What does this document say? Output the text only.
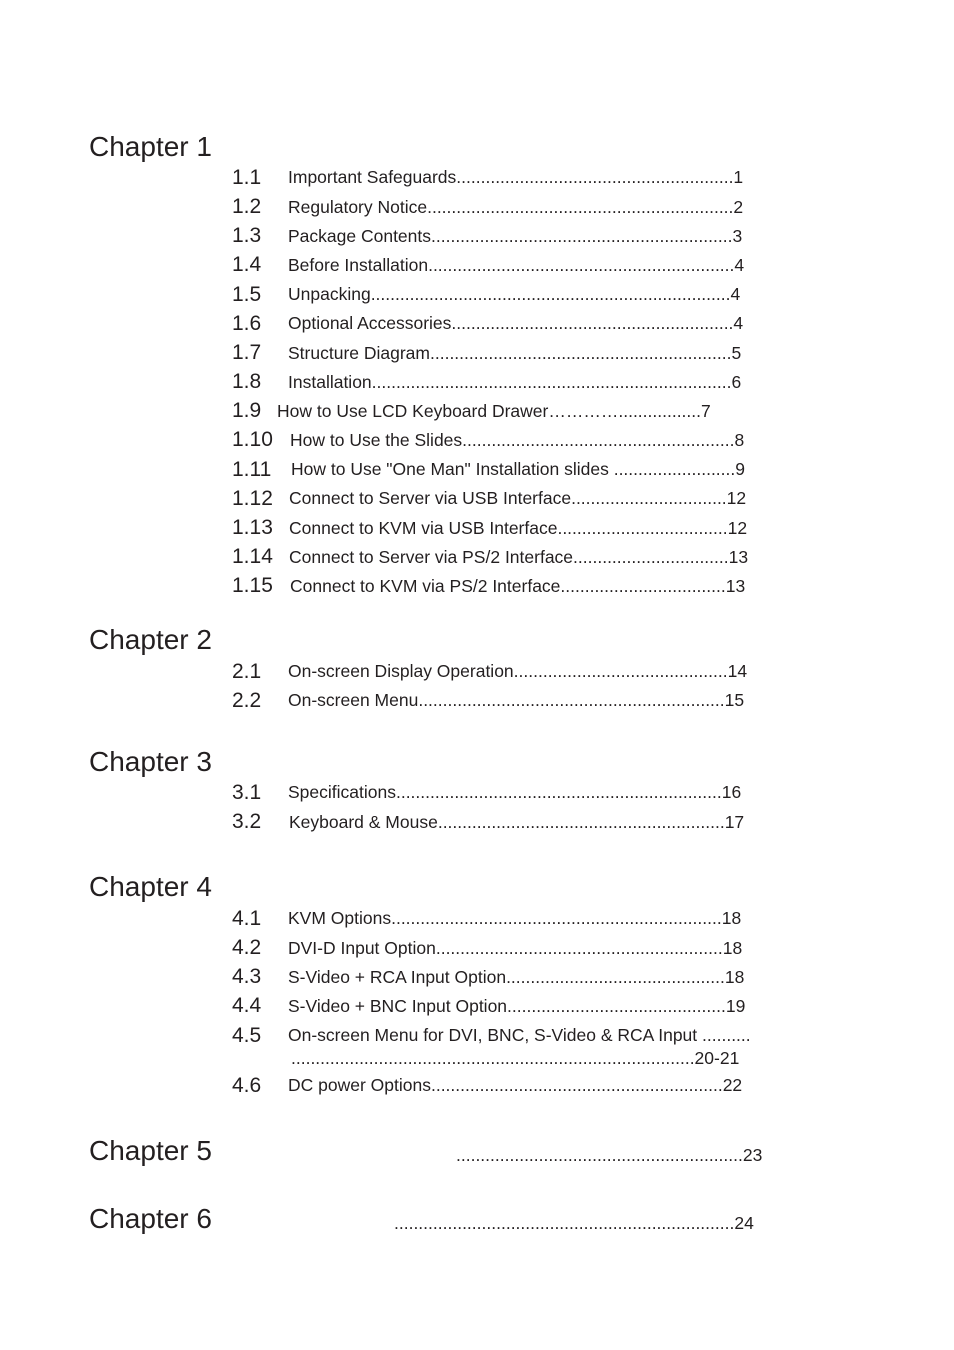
Chapter 1
Chapter 2
Chapter 3
Chapter 4
Chapter 5
Chapter 6
...........................................................23
......................................................................24
1.1 Important Safeguards.........................................................1
1.2 Regulatory Notice...............................................................2
1.3 Package Contents..............................................................3
1.4 Before Installation...............................................................4
1.5 Unpacking..........................................................................4
1.6 Optional Accessories..........................................................4
1.7 Structure Diagram..............................................................5
1.8 Installation..........................................................................6
1.9 How to Use LCD Keyboard Drawer………….................7
1.10 How to Use the Slides........................................................8
1.11 How to Use "One Man" Installation slides .........................9
1.12 Connect to Server via USB Interface................................12
1.13 Connect to KVM via USB Interface...................................12
1.14 Connect to Server via PS/2 Interface................................13
1.15 Connect to KVM via PS/2 Interface..................................13
2.1 On-screen Display Operation............................................14
2.2 On-screen Menu...............................................................15
3.1 Specifications...................................................................16
3.2 Keyboard & Mouse...........................................................17
4.1 KVM Options....................................................................18
4.2 DVI-D Input Option...........................................................18
4.3 S-Video + RCA Input Option.............................................18
4.4 S-Video + BNC Input Option.............................................19
4.5 On-screen Menu for DVI, BNC, S-Video & RCA Input ..........
...................................................................................20-21
4.6 DC power Options............................................................22
